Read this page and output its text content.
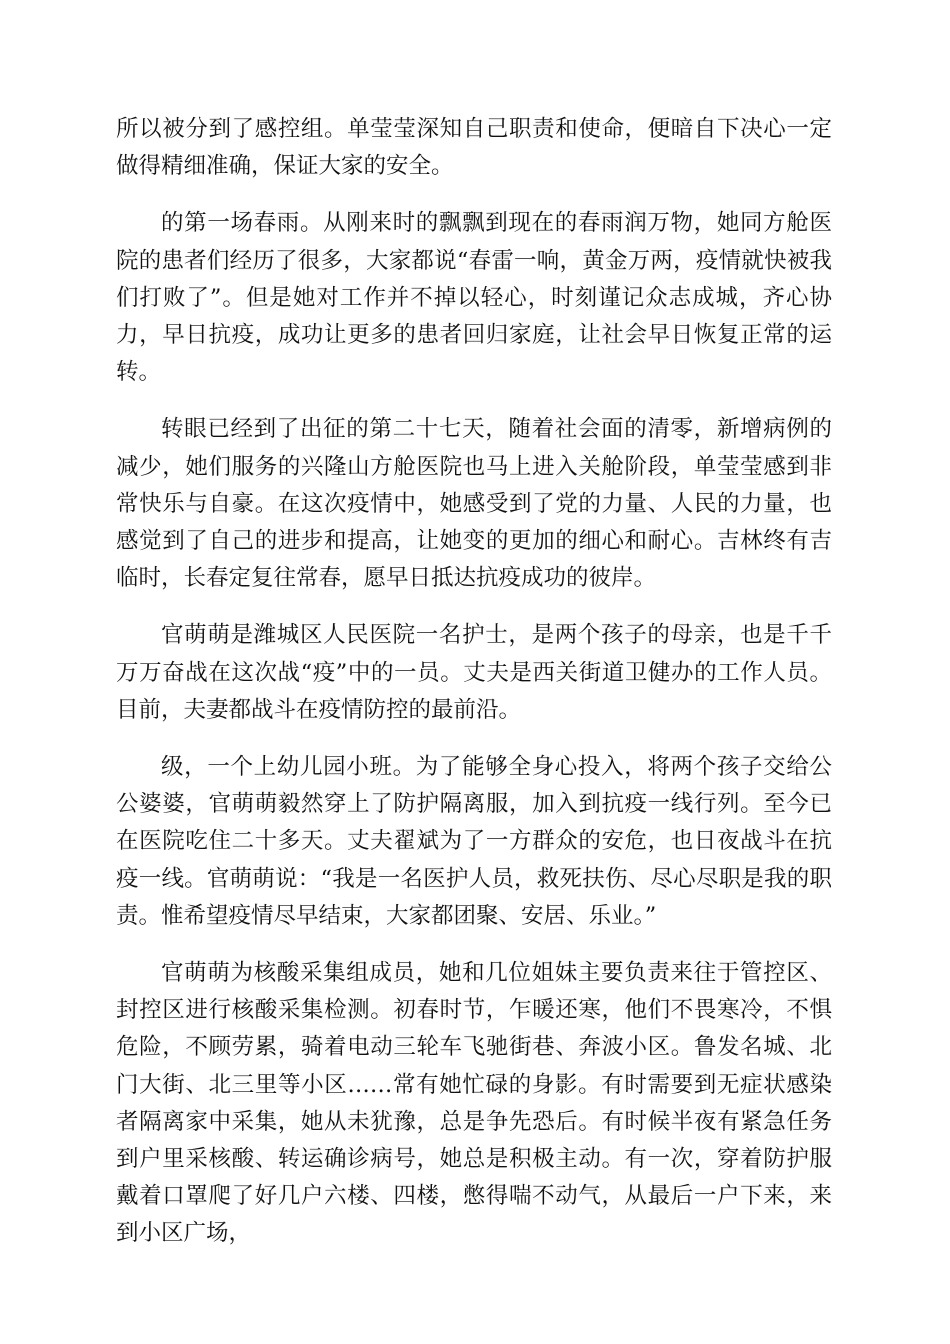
所以被分到了感控组。单莹莹深知自己职责和使命，便暗自下决心一定做得精细准确，保证大家的安全。

的第一场春雨。从刚来时的飘飘到现在的春雨润万物，她同方舱医院的患者们经历了很多，大家都说“春雷一响，黄金万两，疫情就快被我们打败了”。但是她对工作并不掉以轻心，时刻谨记众志成城，齐心协力，早日抗疫，成功让更多的患者回归家庭，让社会早日恢复正常的运转。

转眼已经到了出征的第二十七天，随着社会面的清零，新增病例的减少，她们服务的兴隆山方舱医院也马上进入关舱阶段，单莹莹感到非常快乐与自豪。在这次疫情中，她感受到了党的力量、人民的力量，也感觉到了自己的进步和提高，让她变的更加的细心和耐心。吉林终有吉临时，长春定复往常春，愿早日抵达抗疫成功的彼岸。

官萌萌是潍城区人民医院一名护士，是两个孩子的母亲，也是千千万万奋战在这次战“疫”中的一员。丈夫是西关街道卫健办的工作人员。目前，夫妻都战斗在疫情防控的最前沿。

级，一个上幼儿园小班。为了能够全身心投入，将两个孩子交给公公婆婆，官萌萌毅然穿上了防护隔离服，加入到抗疫一线行列。至今已在医院吃住二十多天。丈夫翟斌为了一方群众的安危，也日夜战斗在抗疫一线。官萌萌说：“我是一名医护人员，救死扶伤、尽心尽职是我的职责。惟希望疫情尽早结束，大家都团聚、安居、乐业。”

官萌萌为核酸采集组成员，她和几位姐妹主要负责来往于管控区、封控区进行核酸采集检测。初春时节，乍暖还寒，他们不畏寒冷，不惧危险，不顾劳累，骑着电动三轮车飞驰街巷、奔波小区。鲁发名城、北门大街、北三里等小区……常有她忙碌的身影。有时需要到无症状感染者隔离家中采集，她从未犹豫，总是争先恐后。有时候半夜有紧急任务到户里采核酸、转运确诊病号，她总是积极主动。有一次，穿着防护服戴着口罩爬了好几户六楼、四楼，憋得喘不动气，从最后一户下来，来到小区广场，
